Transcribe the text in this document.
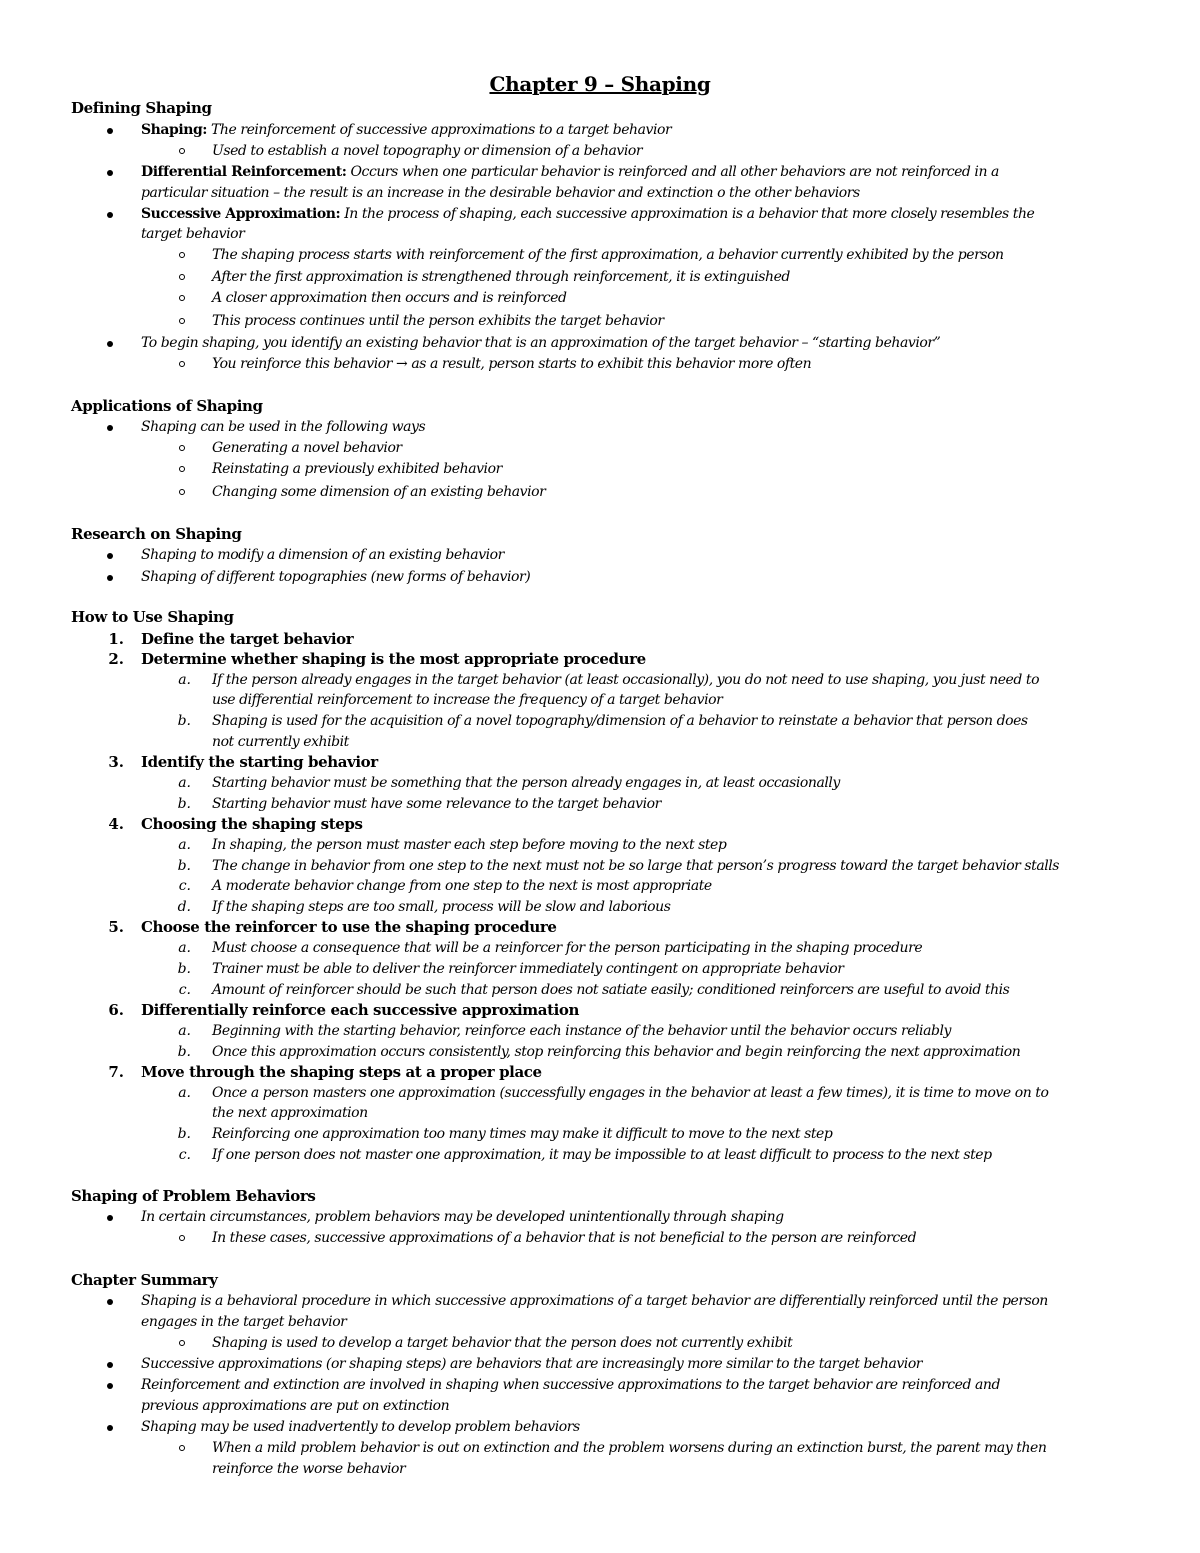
Chapter 9 – Shaping
Defining Shaping
Shaping: The reinforcement of successive approximations to a target behavior
Used to establish a novel topography or dimension of a behavior
Differential Reinforcement: Occurs when one particular behavior is reinforced and all other behaviors are not reinforced in a
particular situation – the result is an increase in the desirable behavior and extinction o the other behaviors
Successive Approximation: In the process of shaping, each successive approximation is a behavior that more closely resembles the
target behavior
The shaping process starts with reinforcement of the first approximation, a behavior currently exhibited by the person
After the first approximation is strengthened through reinforcement, it is extinguished
A closer approximation then occurs and is reinforced
This process continues until the person exhibits the target behavior
To begin shaping, you identify an existing behavior that is an approximation of the target behavior – “starting behavior”
You reinforce this behavior → as a result, person starts to exhibit this behavior more often
Applications of Shaping
Shaping can be used in the following ways
Generating a novel behavior
Reinstating a previously exhibited behavior
Changing some dimension of an existing behavior
Research on Shaping
Shaping to modify a dimension of an existing behavior
Shaping of different topographies (new forms of behavior)
How to Use Shaping
1. Define the target behavior
2. Determine whether shaping is the most appropriate procedure
a. If the person already engages in the target behavior (at least occasionally), you do not need to use shaping, you just need to
use differential reinforcement to increase the frequency of a target behavior
b. Shaping is used for the acquisition of a novel topography/dimension of a behavior to reinstate a behavior that person does
not currently exhibit
3. Identify the starting behavior
a. Starting behavior must be something that the person already engages in, at least occasionally
b. Starting behavior must have some relevance to the target behavior
4. Choosing the shaping steps
a. In shaping, the person must master each step before moving to the next step
b. The change in behavior from one step to the next must not be so large that person’s progress toward the target behavior stalls
c. A moderate behavior change from one step to the next is most appropriate
d. If the shaping steps are too small, process will be slow and laborious
5. Choose the reinforcer to use the shaping procedure
a. Must choose a consequence that will be a reinforcer for the person participating in the shaping procedure
b. Trainer must be able to deliver the reinforcer immediately contingent on appropriate behavior
c. Amount of reinforcer should be such that person does not satiate easily; conditioned reinforcers are useful to avoid this
6. Differentially reinforce each successive approximation
a. Beginning with the starting behavior, reinforce each instance of the behavior until the behavior occurs reliably
b. Once this approximation occurs consistently, stop reinforcing this behavior and begin reinforcing the next approximation
7. Move through the shaping steps at a proper place
a. Once a person masters one approximation (successfully engages in the behavior at least a few times), it is time to move on to
the next approximation
b. Reinforcing one approximation too many times may make it difficult to move to the next step
c. If one person does not master one approximation, it may be impossible to at least difficult to process to the next step
Shaping of Problem Behaviors
In certain circumstances, problem behaviors may be developed unintentionally through shaping
In these cases, successive approximations of a behavior that is not beneficial to the person are reinforced
Chapter Summary
Shaping is a behavioral procedure in which successive approximations of a target behavior are differentially reinforced until the person
engages in the target behavior
Shaping is used to develop a target behavior that the person does not currently exhibit
Successive approximations (or shaping steps) are behaviors that are increasingly more similar to the target behavior
Reinforcement and extinction are involved in shaping when successive approximations to the target behavior are reinforced and
previous approximations are put on extinction
Shaping may be used inadvertently to develop problem behaviors
When a mild problem behavior is out on extinction and the problem worsens during an extinction burst, the parent may then
reinforce the worse behavior
